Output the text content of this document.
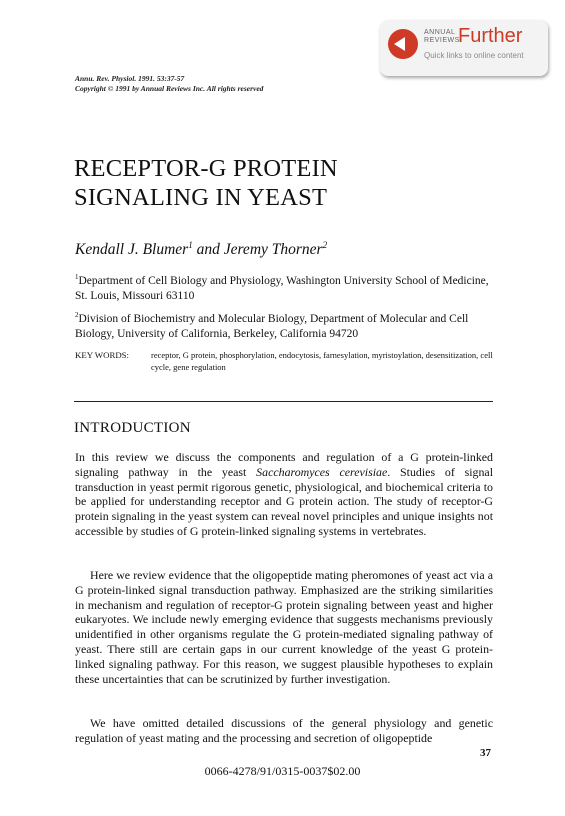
ANNUAL
REVIEWS
Further
Quick links to online content
Annu. Rev. Physiol. 1991. 53:37-57
Copyright © 1991 by Annual Reviews Inc. All rights reserved
RECEPTOR-G PROTEIN
SIGNALING IN YEAST
Kendall J. Blumer$^1$ and Jeremy Thorner$^2$
$^1$Department of Cell Biology and Physiology, Washington University School of Medicine, St. Louis, Missouri 63110
$^2$Division of Biochemistry and Molecular Biology, Department of Molecular and Cell Biology, University of California, Berkeley, California 94720
KEY WORDS:	receptor, G protein, phosphorylation, endocytosis, farnesylation, myristoylation, desensitization, cell cycle, gene regulation
INTRODUCTION
In this review we discuss the components and regulation of a G protein-linked signaling pathway in the yeast Saccharomyces cerevisiae. Studies of signal transduction in yeast permit rigorous genetic, physiological, and biochemical criteria to be applied for understanding receptor and G protein action. The study of receptor-G protein signaling in the yeast system can reveal novel principles and unique insights not accessible by studies of G protein-linked signaling systems in vertebrates.
Here we review evidence that the oligopeptide mating pheromones of yeast act via a G protein-linked signal transduction pathway. Emphasized are the striking similarities in mechanism and regulation of receptor-G protein signaling between yeast and higher eukaryotes. We include newly emerging evidence that suggests mechanisms previously unidentified in other organisms regulate the G protein-mediated signaling pathway of yeast. There still are certain gaps in our current knowledge of the yeast G protein-linked signaling pathway. For this reason, we suggest plausible hypotheses to explain these uncertainties that can be scrutinized by further investigation.
We have omitted detailed discussions of the general physiology and genetic regulation of yeast mating and the processing and secretion of oligopeptide
37
0066-4278/91/0315-0037$02.00
